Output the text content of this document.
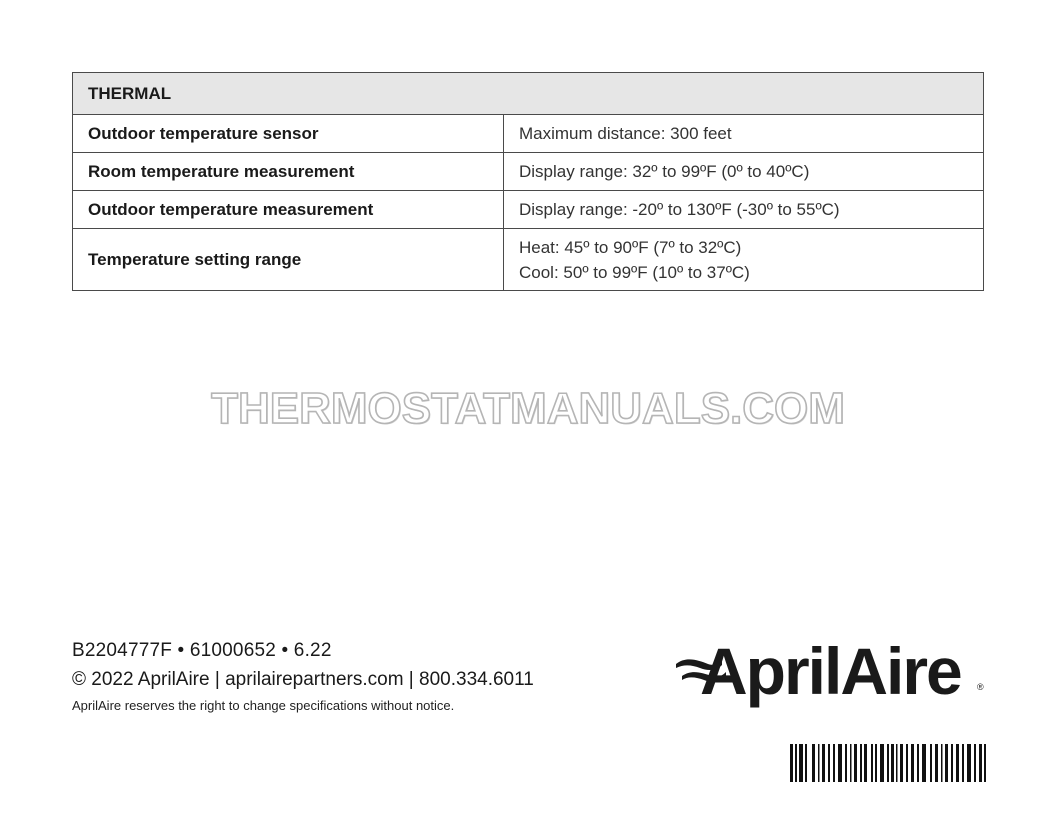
THERMAL	
Outdoor temperature sensor	Maximum distance: 300 feet

Room temperature measurement	Display range: 32º to 99ºF (0º to 40ºC)

Outdoor temperature measurement	Display range: -20º to 130ºF (-30º to 55ºC)

Temperature setting range	Heat: 45º to 90ºF (7º to 32ºC)
Cool: 50º to 99ºF (10º to 37ºC)
THERMOSTATMANUALS.COM
B2204777F • 61000652 • 6.22
© 2022 AprilAire | aprilairepartners.com | 800.334.6011
AprilAire reserves the right to change specifications without notice.	AprilAire ®
